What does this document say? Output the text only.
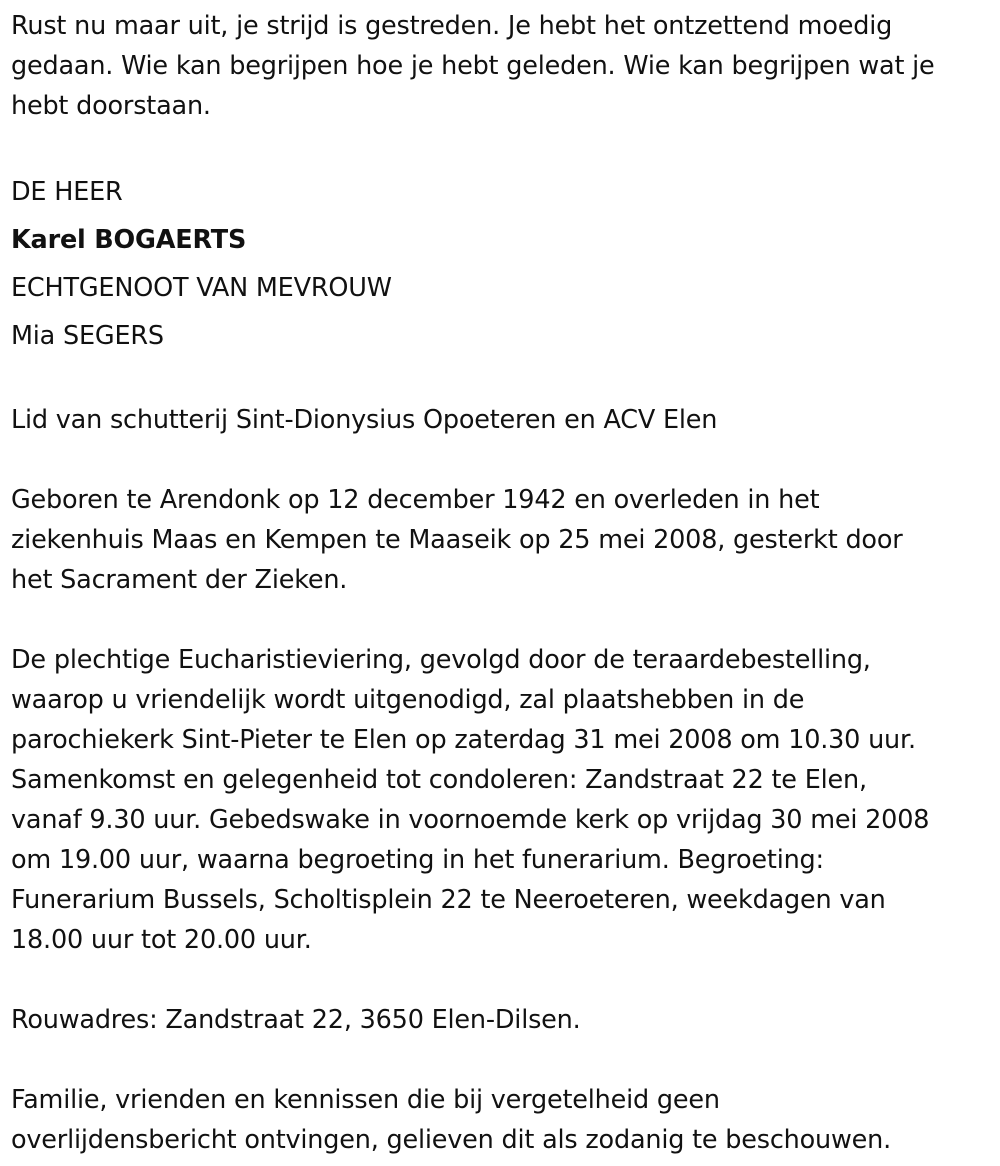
Rust nu maar uit, je strijd is gestreden. Je hebt het ontzettend moedig

gedaan. Wie kan begrijpen hoe je hebt geleden. Wie kan begrijpen wat je

hebt doorstaan.

DE HEER

Karel BOGAERTS

ECHTGENOOT VAN MEVROUW

Mia SEGERS

Lid van schutterij Sint-Dionysius Opoeteren en ACV Elen

Geboren te Arendonk op 12 december 1942 en overleden in het

ziekenhuis Maas en Kempen te Maaseik op 25 mei 2008, gesterkt door

het Sacrament der Zieken.

De plechtige Eucharistieviering, gevolgd door de teraardebestelling,

waarop u vriendelijk wordt uitgenodigd, zal plaatshebben in de

parochiekerk Sint-Pieter te Elen op zaterdag 31 mei 2008 om 10.30 uur.

Samenkomst en gelegenheid tot condoleren: Zandstraat 22 te Elen,

vanaf 9.30 uur. Gebedswake in voornoemde kerk op vrijdag 30 mei 2008

om 19.00 uur, waarna begroeting in het funerarium. Begroeting:

Funerarium Bussels, Scholtisplein 22 te Neeroeteren, weekdagen van

18.00 uur tot 20.00 uur.

Rouwadres: Zandstraat 22, 3650 Elen-Dilsen.

Familie, vrienden en kennissen die bij vergetelheid geen

overlijdensbericht ontvingen, gelieven dit als zodanig te beschouwen.
